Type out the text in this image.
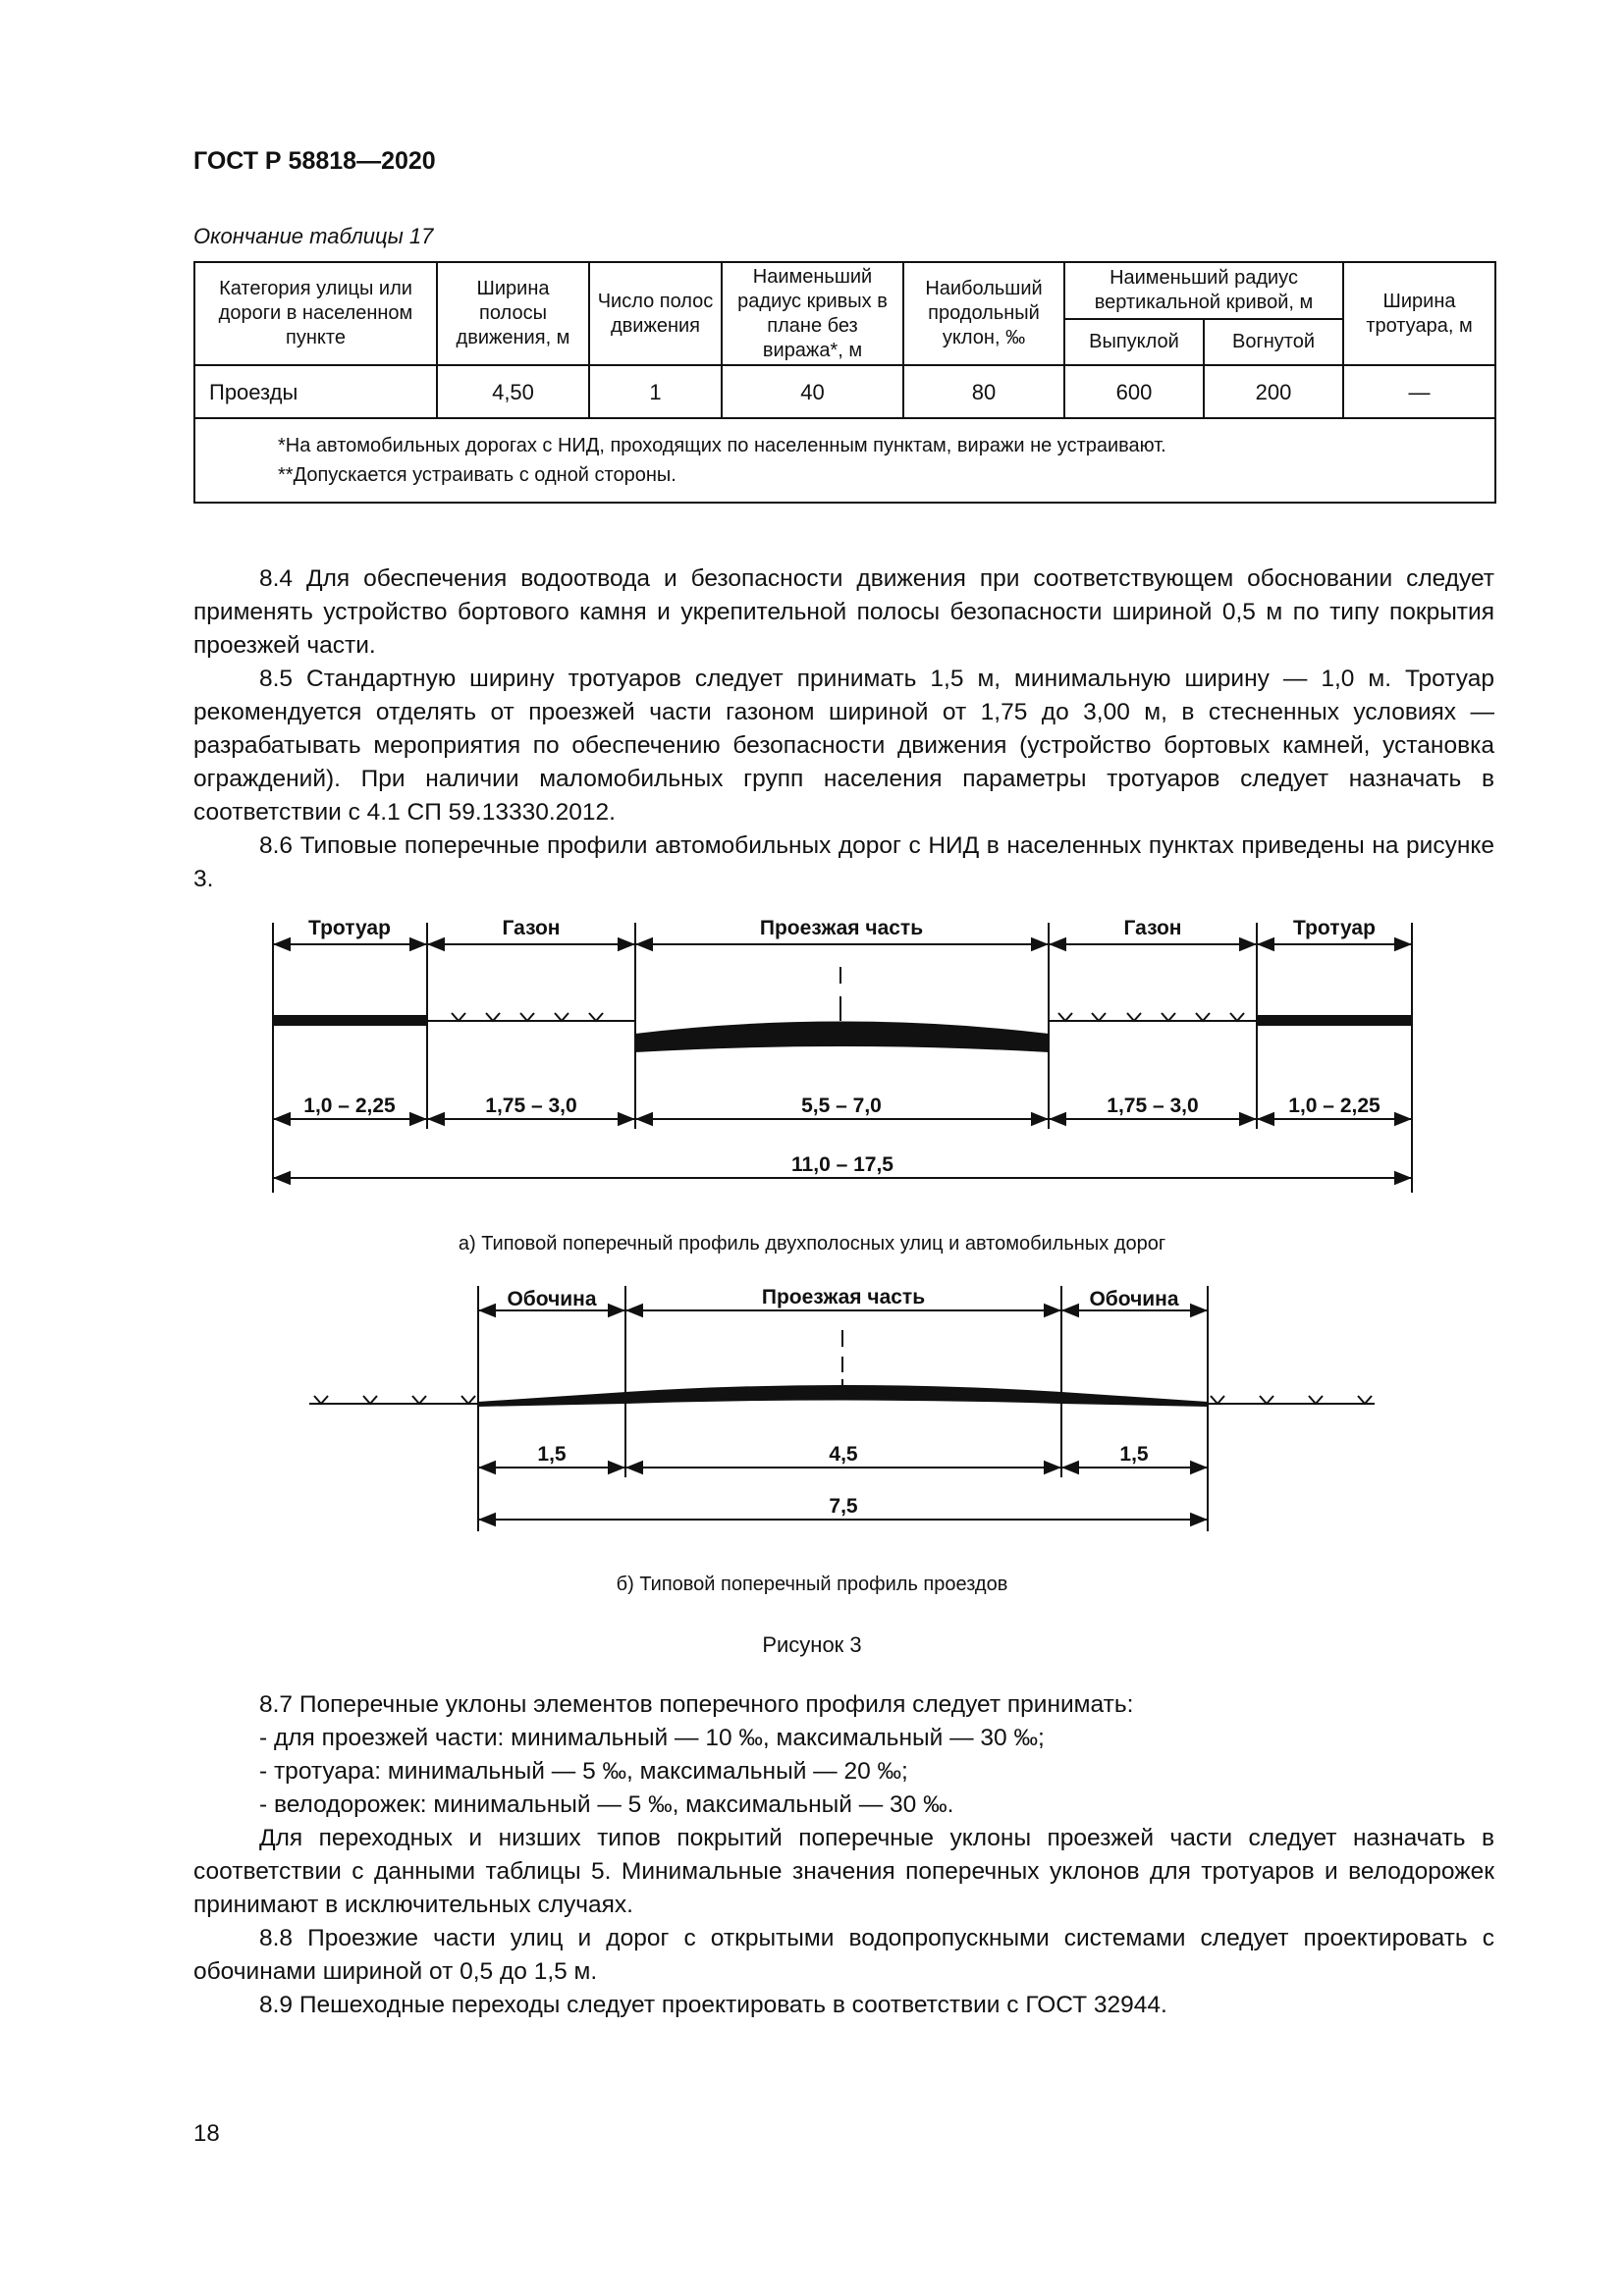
ГОСТ Р 58818—2020
Окончание таблицы 17
Категория улицы или дороги в населенном пункте	Ширина полосы движения, м	Число полос движения	Наименьший радиус кривых в плане без виража*, м	Наибольший продольный уклон, ‰	Наименьший радиус вертикальной кривой, м		Ширина тротуара, м
					Выпуклой	Вогнутой	
Проезды	4,50	1	40	80	600	200	—

*На автомобильных дорогах с НИД, проходящих по населенным пунктам, виражи не устраивают.
**Допускается устраивать с одной стороны.							

8.4 Для обеспечения водоотвода и безопасности движения при соответствующем обосновании следует применять устройство бортового камня и укрепительной полосы безопасности шириной 0,5 м по типу покрытия проезжей части.

8.5 Стандартную ширину тротуаров следует принимать 1,5 м, минимальную ширину — 1,0 м. Тротуар рекомендуется отделять от проезжей части газоном шириной от 1,75 до 3,00 м, в стесненных условиях — разрабатывать мероприятия по обеспечению безопасности движения (устройство бортовых камней, установка ограждений). При наличии маломобильных групп населения параметры тротуаров следует назначать в соответствии с 4.1 СП 59.13330.2012.

8.6 Типовые поперечные профили автомобильных дорог с НИД в населенных пунктах приведены на рисунке 3.

Тротуар	Газон	Проезжая часть	Газон	Тротуар
1,0 – 2,25	1,75 – 3,0	5,5 – 7,0	1,75 – 3,0	1,0 – 2,25
11,0 – 17,5
Обочина	Проезжая часть	Обочина
1,5	4,5	1,5
7,5
а) Типовой поперечный профиль двухполосных улиц и автомобильных дорог
б) Типовой поперечный профиль проездов
Рисунок 3

8.7 Поперечные уклоны элементов поперечного профиля следует принимать:

- для проезжей части: минимальный — 10 ‰, максимальный — 30 ‰;

- тротуара: минимальный — 5 ‰, максимальный — 20 ‰;

- велодорожек: минимальный — 5 ‰, максимальный — 30 ‰.

Для переходных и низших типов покрытий поперечные уклоны проезжей части следует назначать в соответствии с данными таблицы 5. Минимальные значения поперечных уклонов для тротуаров и велодорожек принимают в исключительных случаях.

8.8 Проезжие части улиц и дорог с открытыми водопропускными системами следует проектировать с обочинами шириной от 0,5 до 1,5 м.

8.9 Пешеходные переходы следует проектировать в соответствии с ГОСТ 32944.

18
